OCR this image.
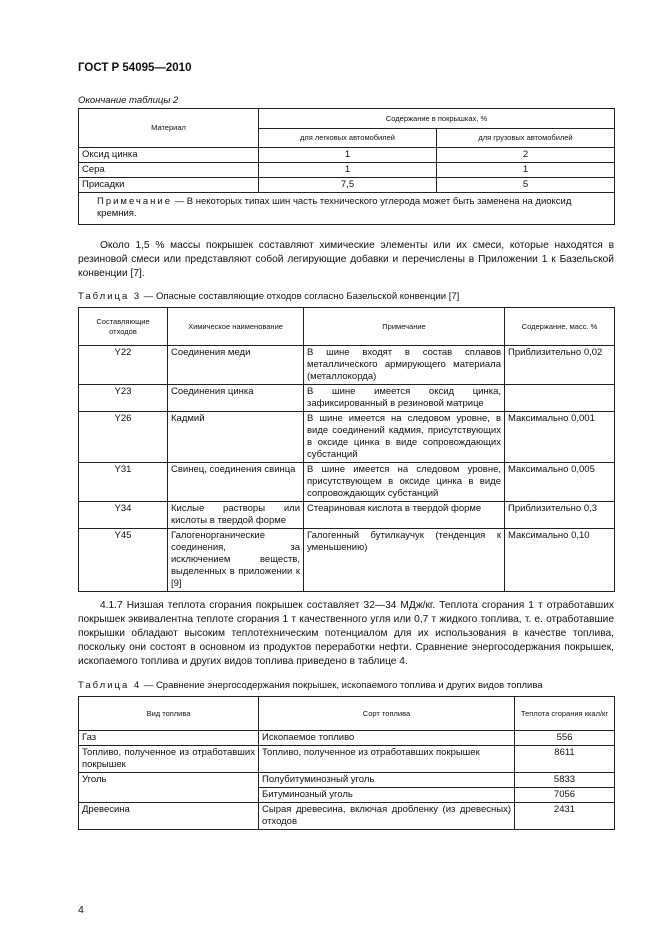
ГОСТ Р 54095—2010
Окончание таблицы 2
Материал	Содержание в покрышках, %	
	для легковых автомобилей	для грузовых автомобилей
Оксид цинка	1	2
Сера	1	1
Присадки	7,5	5
Примечание — В некоторых типах шин часть технического углерода может быть заменена на диоксид кремния.		
Около 1,5 % массы покрышек составляют химические элементы или их смеси, которые находятся в резиновой смеси или представляют собой легирующие добавки и перечислены в Приложении 1 к Базельской конвенции [7].
Таблица 3 — Опасные составляющие отходов согласно Базельской конвенции [7]
Составляющие отходов	Химическое наименование	Примечание	Содержание, масс. %
Y22	Соединения меди	В шине входят в состав сплавов металлического армирующего материала (металлокорда)	Приблизительно 0,02
Y23	Соединения цинка	В шине имеется оксид цинка, зафиксированный в резиновой матрице	
Y26	Кадмий	В шине имеется на следовом уровне, в виде соединений кадмия, присутствующих в оксиде цинка в виде сопровождающих субстанций	Максимально 0,001
Y31	Свинец, соединения свинца	В шине имеется на следовом уровне, присутствующем в оксиде цинка в виде сопровождающих субстанций	Максимально 0,005
Y34	Кислые растворы или кислоты в твердой форме	Стеариновая кислота в твердой форме	Приблизительно 0,3
Y45	Галогенорганические соединения, за исключением веществ, выделенных в приложении к [9]	Галогенный бутилкаучук (тенденция к уменьшению)	Максимально 0,10
4.1.7 Низшая теплота сгорания покрышек составляет 32—34 МДж/кг. Теплота сгорания 1 т отработавших покрышек эквивалентна теплоте сгорания 1 т качественного угля или 0,7 т жидкого топлива, т. е. отработавшие покрышки обладают высоким теплотехническим потенциалом для их использования в качестве топлива, поскольку они состоят в основном из продуктов переработки нефти. Сравнение энергосодержания покрышек, ископаемого топлива и других видов топлива приведено в таблице 4.
Таблица 4 — Сравнение энергосодержания покрышек, ископаемого топлива и других видов топлива
Вид топлива	Сорт топлива	Теплота сгорания ккал/кг
Газ	Ископаемое топливо	556
Топливо, полученное из отработавших покрышек	Топливо, полученное из отработавших покрышек	8611
Уголь	Полубитуминозный уголь	5833
	Битуминозный уголь	7056
Древесина	Сырая древесина, включая дробленку (из древесных) отходов	2431
4
